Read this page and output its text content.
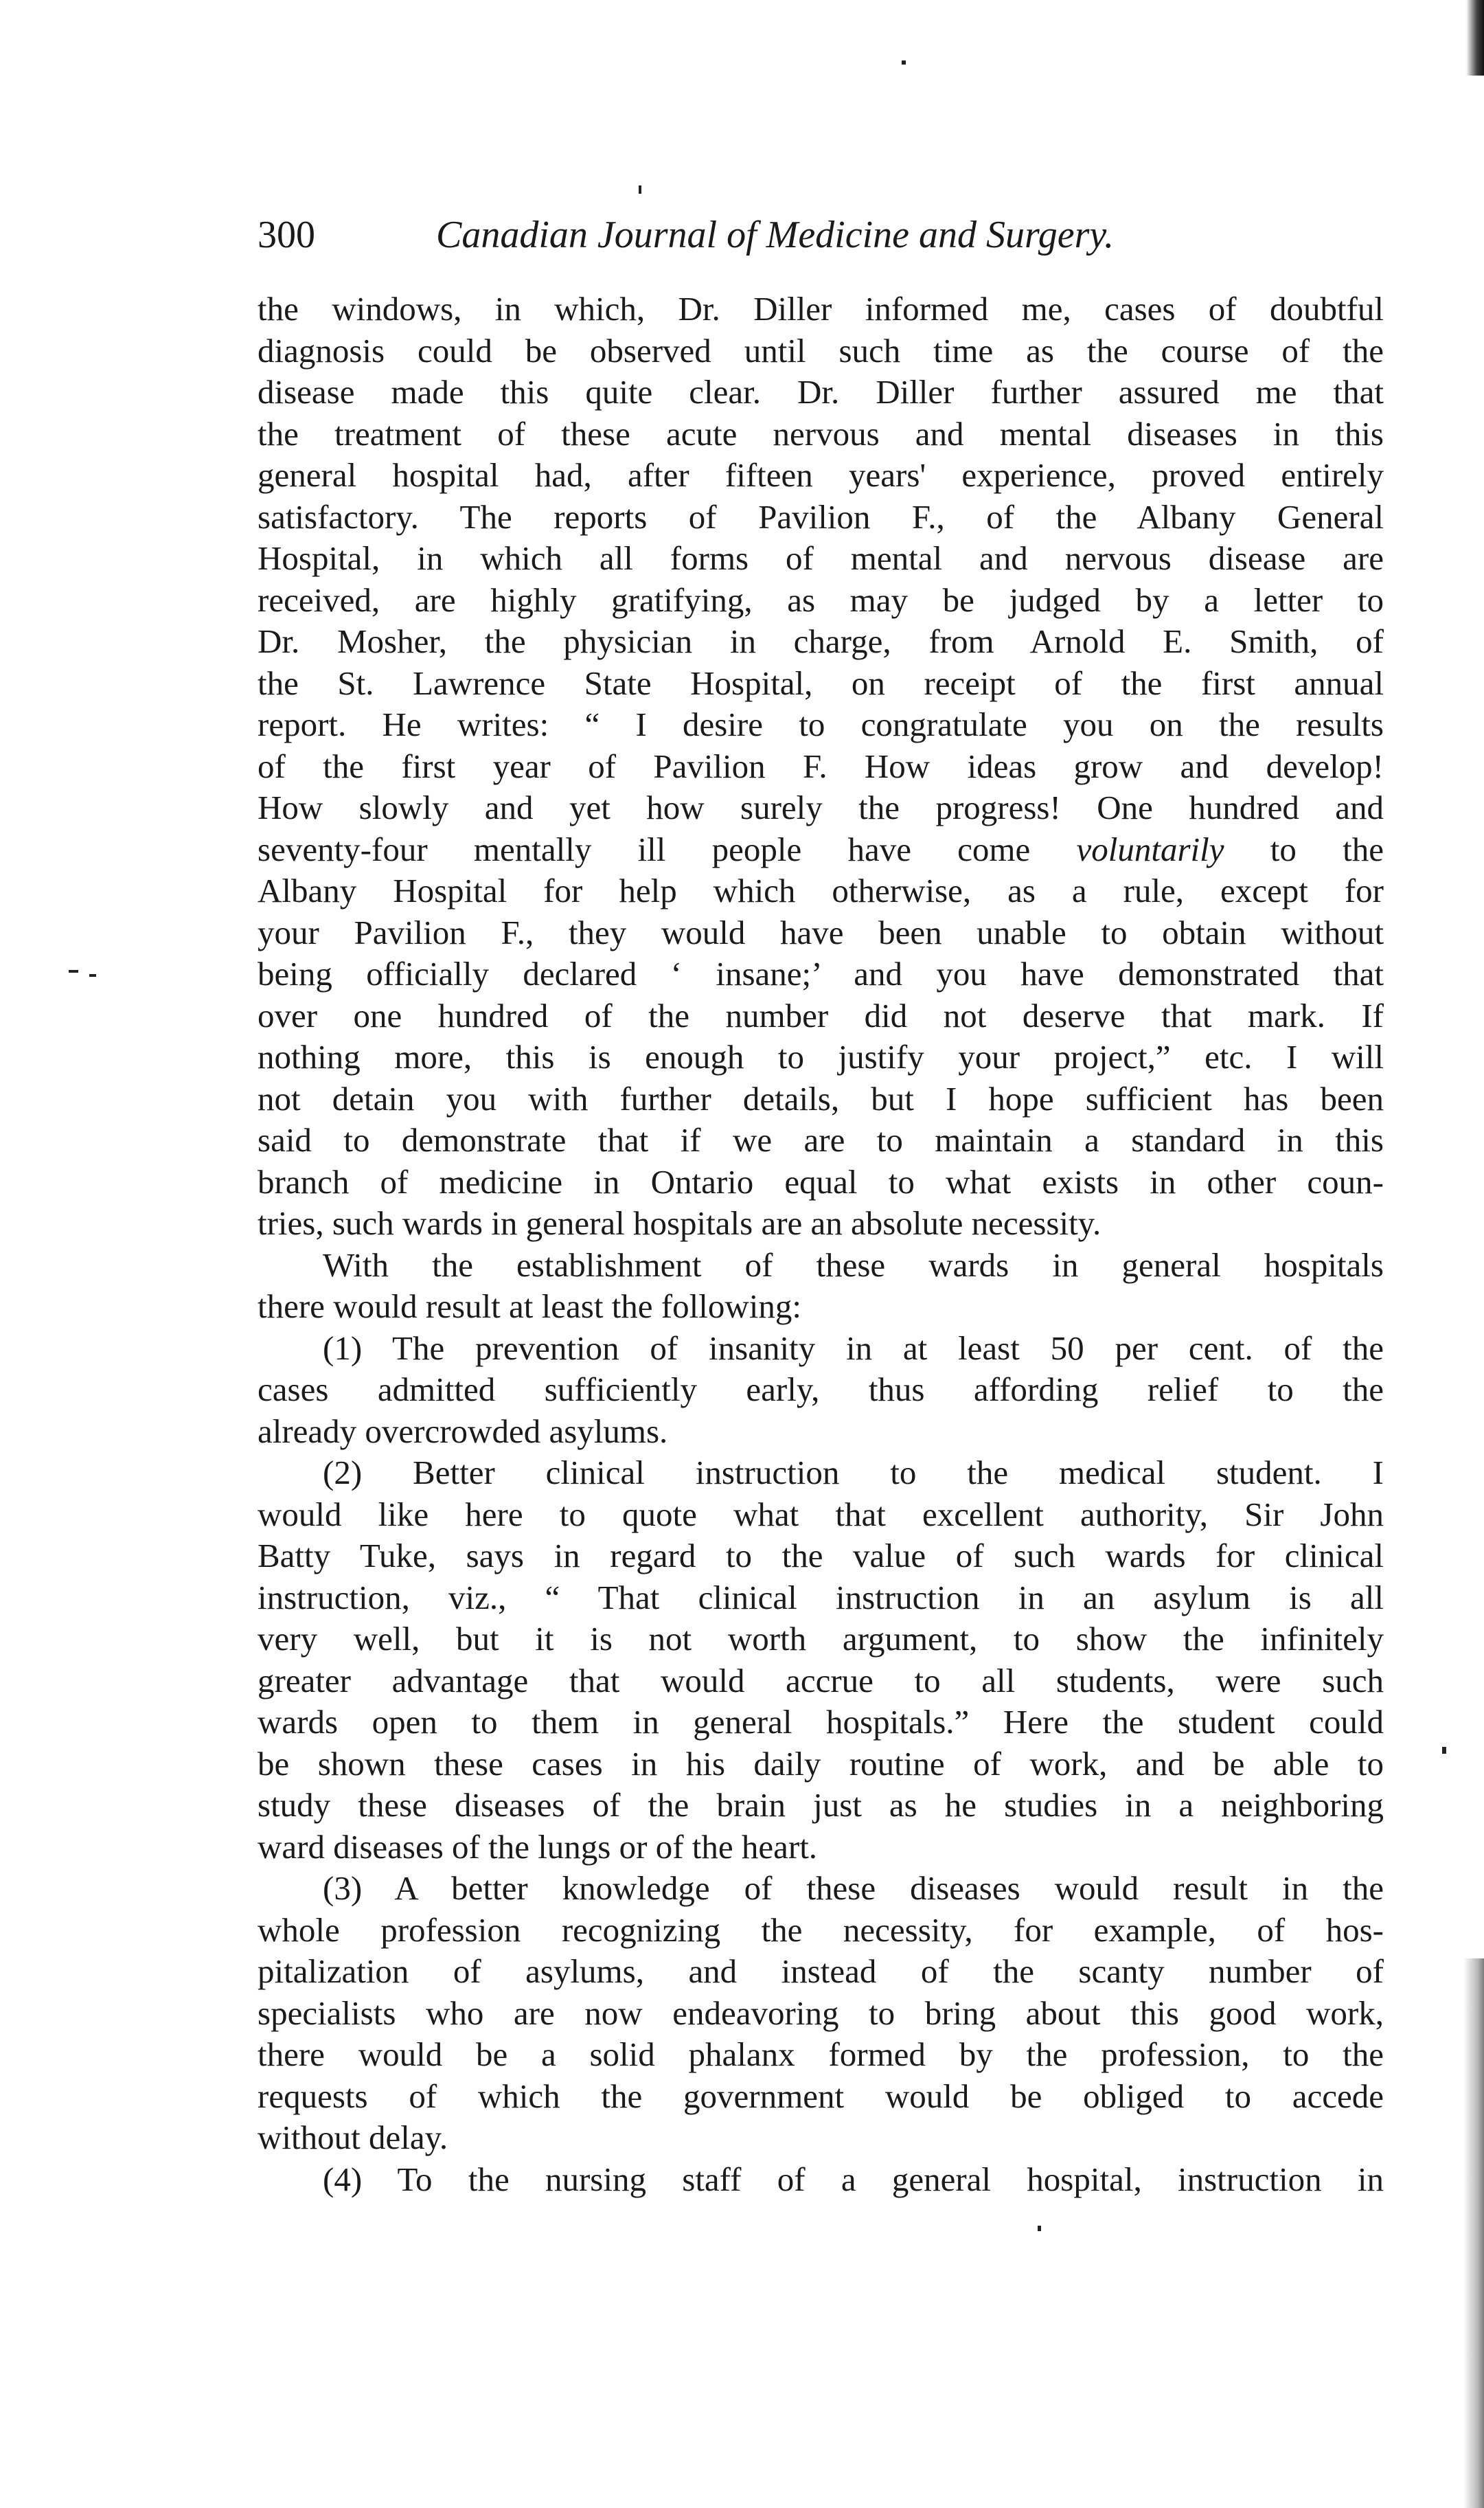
300	Canadian Journal of Medicine and Surgery.
the windows, in which, Dr. Diller informed me, cases of doubtful
diagnosis could be observed until such time as the course of the
disease made this quite clear. Dr. Diller further assured me that
the treatment of these acute nervous and mental diseases in this
general hospital had, after fifteen years' experience, proved entirely
satisfactory. The reports of Pavilion F., of the Albany General
Hospital, in which all forms of mental and nervous disease are
received, are highly gratifying, as may be judged by a letter to
Dr. Mosher, the physician in charge, from Arnold E. Smith, of
the St. Lawrence State Hospital, on receipt of the first annual
report. He writes: “ I desire to congratulate you on the results
of the first year of Pavilion F. How ideas grow and develop!
How slowly and yet how surely the progress! One hundred and
seventy-four mentally ill people have come voluntarily to the
Albany Hospital for help which otherwise, as a rule, except for
your Pavilion F., they would have been unable to obtain without
being officially declared ‘ insane;’ and you have demonstrated that
over one hundred of the number did not deserve that mark. If
nothing more, this is enough to justify your project,” etc. I will
not detain you with further details, but I hope sufficient has been
said to demonstrate that if we are to maintain a standard in this
branch of medicine in Ontario equal to what exists in other coun-
tries, such wards in general hospitals are an absolute necessity.
With the establishment of these wards in general hospitals
there would result at least the following:
(1) The prevention of insanity in at least 50 per cent. of the
cases admitted sufficiently early, thus affording relief to the
already overcrowded asylums.
(2) Better clinical instruction to the medical student. I
would like here to quote what that excellent authority, Sir John
Batty Tuke, says in regard to the value of such wards for clinical
instruction, viz., “ That clinical instruction in an asylum is all
very well, but it is not worth argument, to show the infinitely
greater advantage that would accrue to all students, were such
wards open to them in general hospitals.” Here the student could
be shown these cases in his daily routine of work, and be able to
study these diseases of the brain just as he studies in a neighboring
ward diseases of the lungs or of the heart.
(3) A better knowledge of these diseases would result in the
whole profession recognizing the necessity, for example, of hos-
pitalization of asylums, and instead of the scanty number of
specialists who are now endeavoring to bring about this good work,
there would be a solid phalanx formed by the profession, to the
requests of which the government would be obliged to accede
without delay.
(4) To the nursing staff of a general hospital, instruction in
